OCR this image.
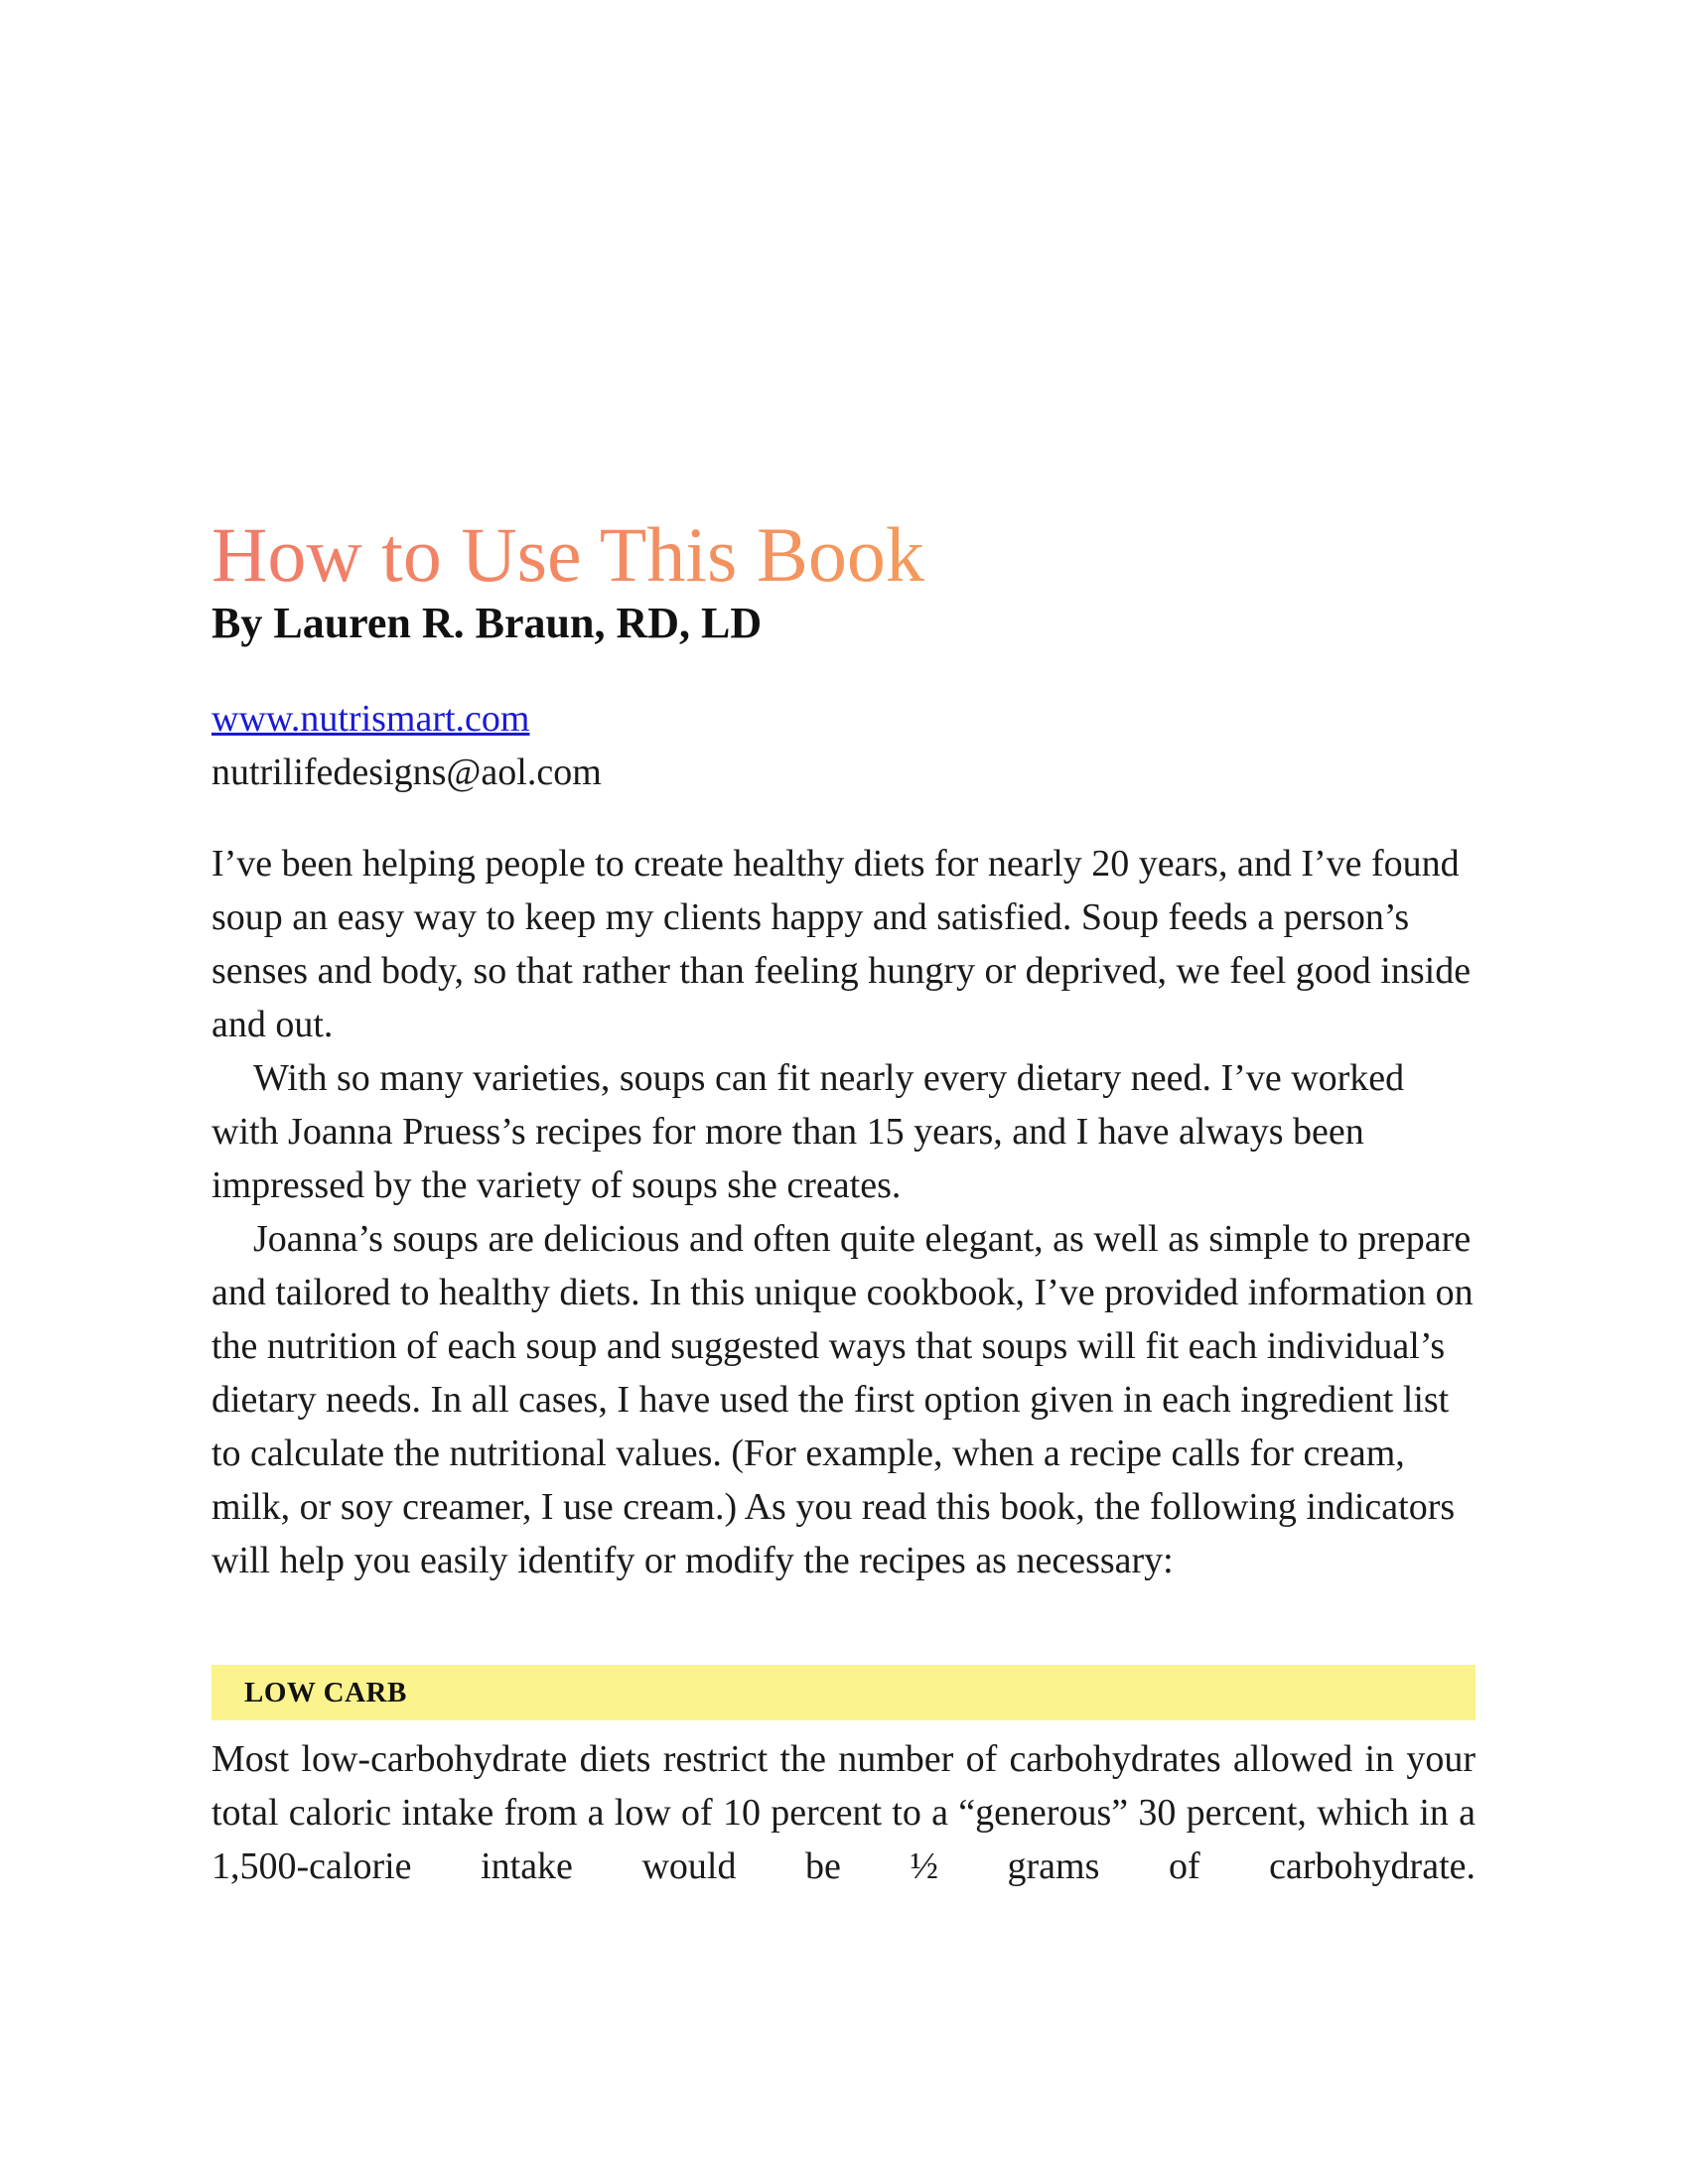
How to Use This Book
By Lauren R. Braun, RD, LD
www.nutrismart.com
nutrilifedesigns@aol.com

I’ve been helping people to create healthy diets for nearly 20 years, and I’ve found soup an easy way to keep my clients happy and satisfied. Soup feeds a person’s senses and body, so that rather than feeling hungry or deprived, we feel good inside and out.

With so many varieties, soups can fit nearly every dietary need. I’ve worked with Joanna Pruess’s recipes for more than 15 years, and I have always been impressed by the variety of soups she creates.

Joanna’s soups are delicious and often quite elegant, as well as simple to prepare and tailored to healthy diets. In this unique cookbook, I’ve provided information on the nutrition of each soup and suggested ways that soups will fit each individual’s dietary needs. In all cases, I have used the first option given in each ingredient list to calculate the nutritional values. (For example, when a recipe calls for cream, milk, or soy creamer, I use cream.) As you read this book, the following indicators will help you easily identify or modify the recipes as necessary:

LOW CARB
Most low-carbohydrate diets restrict the number of carbohydrates allowed in your total caloric intake from a low of 10 percent to a “generous” 30 percent, which in a 1,500-calorie intake would be ½ grams of carbohydrate.
